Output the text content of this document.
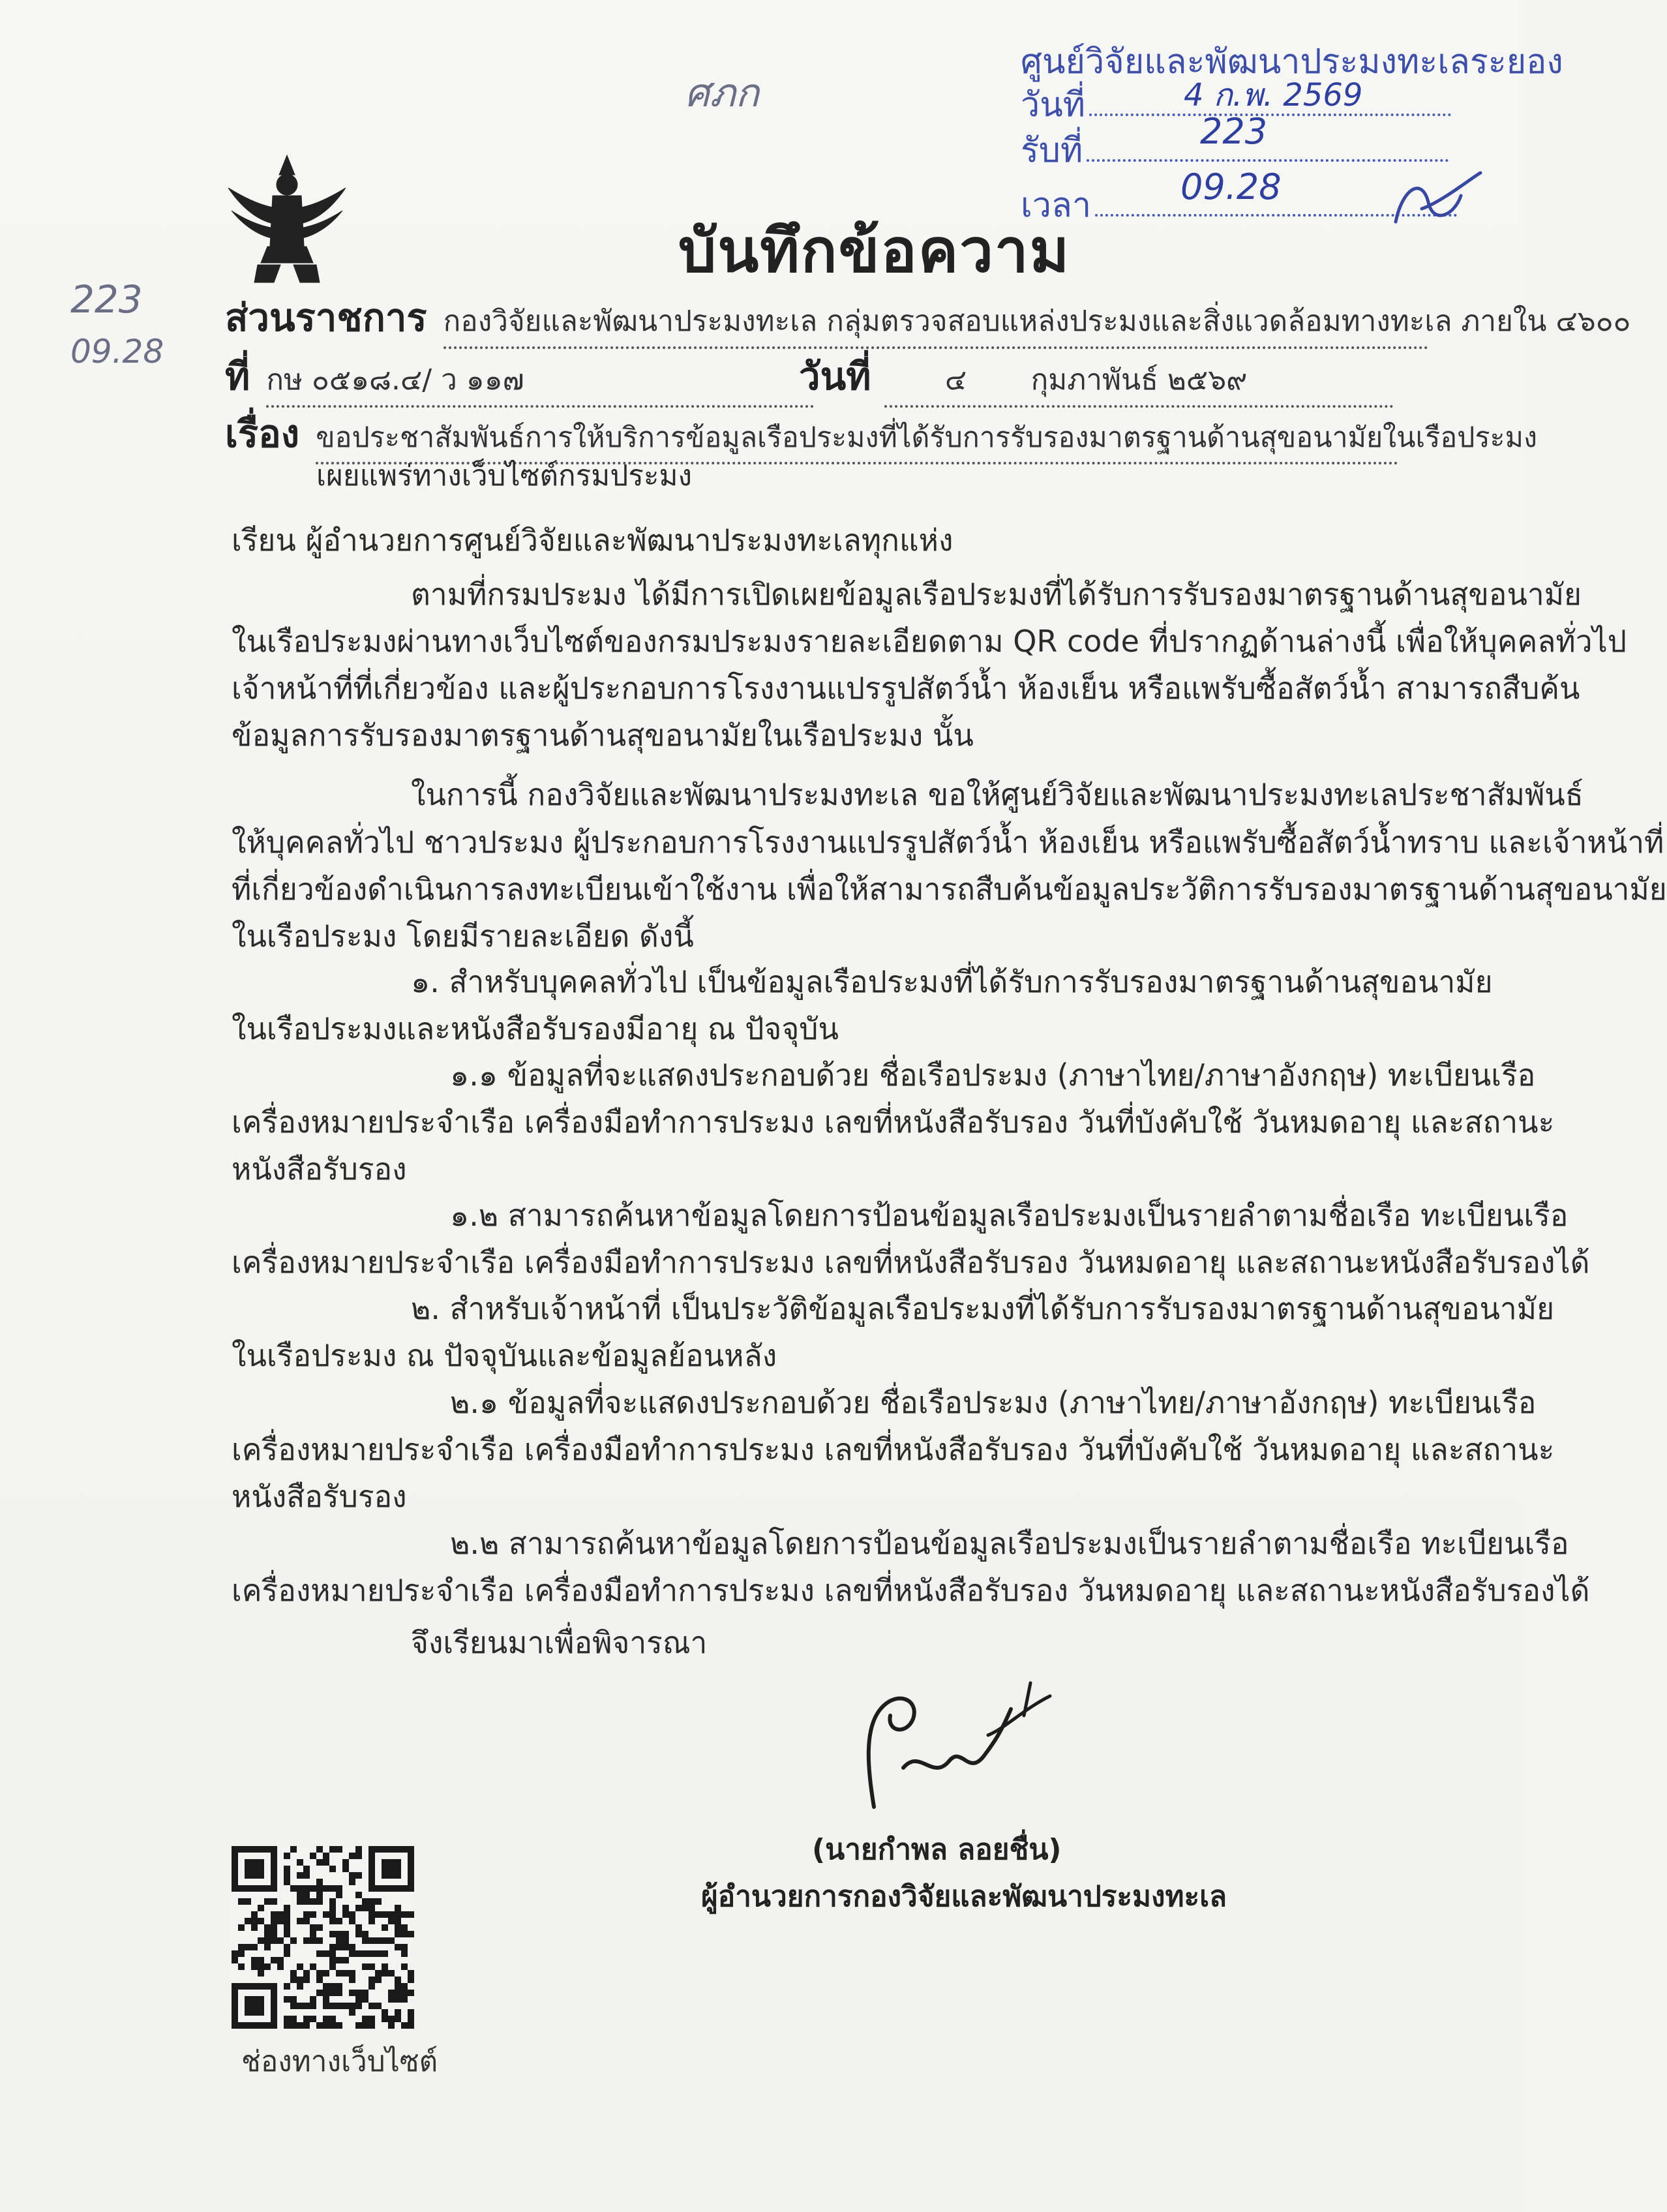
ศูนย์วิจัยและพัฒนาประมงทะเลระยอง
วันที่	4 ก.พ. 2569
รับที่	223
เวลา	09.28
ศภก
223
09.28
บันทึกข้อความ
ส่วนราชการ กองวิจัยและพัฒนาประมงทะเล กลุ่มตรวจสอบแหล่งประมงและสิ่งแวดล้อมทางทะเล ภายใน ๔๖๐๐
ที่ กษ ๐๕๑๘.๔/ ว ๑๑๗	วันที่	๔ กุมภาพันธ์ ๒๕๖๙
เรื่อง ขอประชาสัมพันธ์การให้บริการข้อมูลเรือประมงที่ได้รับการรับรองมาตรฐานด้านสุขอนามัยในเรือประมง
เผยแพร่ทางเว็บไซต์กรมประมง
เรียน ผู้อำนวยการศูนย์วิจัยและพัฒนาประมงทะเลทุกแห่ง
ตามที่กรมประมง ได้มีการเปิดเผยข้อมูลเรือประมงที่ได้รับการรับรองมาตรฐานด้านสุขอนามัย
ในเรือประมงผ่านทางเว็บไซต์ของกรมประมงรายละเอียดตาม QR code ที่ปรากฏด้านล่างนี้ เพื่อให้บุคคลทั่วไป
เจ้าหน้าที่ที่เกี่ยวข้อง และผู้ประกอบการโรงงานแปรรูปสัตว์น้ำ ห้องเย็น หรือแพรับซื้อสัตว์น้ำ สามารถสืบค้น
ข้อมูลการรับรองมาตรฐานด้านสุขอนามัยในเรือประมง นั้น
ในการนี้ กองวิจัยและพัฒนาประมงทะเล ขอให้ศูนย์วิจัยและพัฒนาประมงทะเลประชาสัมพันธ์
ให้บุคคลทั่วไป ชาวประมง ผู้ประกอบการโรงงานแปรรูปสัตว์น้ำ ห้องเย็น หรือแพรับซื้อสัตว์น้ำทราบ และเจ้าหน้าที่
ที่เกี่ยวข้องดำเนินการลงทะเบียนเข้าใช้งาน เพื่อให้สามารถสืบค้นข้อมูลประวัติการรับรองมาตรฐานด้านสุขอนามัย
ในเรือประมง โดยมีรายละเอียด ดังนี้
๑. สำหรับบุคคลทั่วไป เป็นข้อมูลเรือประมงที่ได้รับการรับรองมาตรฐานด้านสุขอนามัย
ในเรือประมงและหนังสือรับรองมีอายุ ณ ปัจจุบัน
๑.๑ ข้อมูลที่จะแสดงประกอบด้วย ชื่อเรือประมง (ภาษาไทย/ภาษาอังกฤษ) ทะเบียนเรือ
เครื่องหมายประจำเรือ เครื่องมือทำการประมง เลขที่หนังสือรับรอง วันที่บังคับใช้ วันหมดอายุ และสถานะ
หนังสือรับรอง
๑.๒ สามารถค้นหาข้อมูลโดยการป้อนข้อมูลเรือประมงเป็นรายลำตามชื่อเรือ ทะเบียนเรือ
เครื่องหมายประจำเรือ เครื่องมือทำการประมง เลขที่หนังสือรับรอง วันหมดอายุ และสถานะหนังสือรับรองได้
๒. สำหรับเจ้าหน้าที่ เป็นประวัติข้อมูลเรือประมงที่ได้รับการรับรองมาตรฐานด้านสุขอนามัย
ในเรือประมง ณ ปัจจุบันและข้อมูลย้อนหลัง
๒.๑ ข้อมูลที่จะแสดงประกอบด้วย ชื่อเรือประมง (ภาษาไทย/ภาษาอังกฤษ) ทะเบียนเรือ
เครื่องหมายประจำเรือ เครื่องมือทำการประมง เลขที่หนังสือรับรอง วันที่บังคับใช้ วันหมดอายุ และสถานะ
หนังสือรับรอง
๒.๒ สามารถค้นหาข้อมูลโดยการป้อนข้อมูลเรือประมงเป็นรายลำตามชื่อเรือ ทะเบียนเรือ
เครื่องหมายประจำเรือ เครื่องมือทำการประมง เลขที่หนังสือรับรอง วันหมดอายุ และสถานะหนังสือรับรองได้
จึงเรียนมาเพื่อพิจารณา
(นายกำพล ลอยชื่น)
ผู้อำนวยการกองวิจัยและพัฒนาประมงทะเล
ช่องทางเว็บไซต์
